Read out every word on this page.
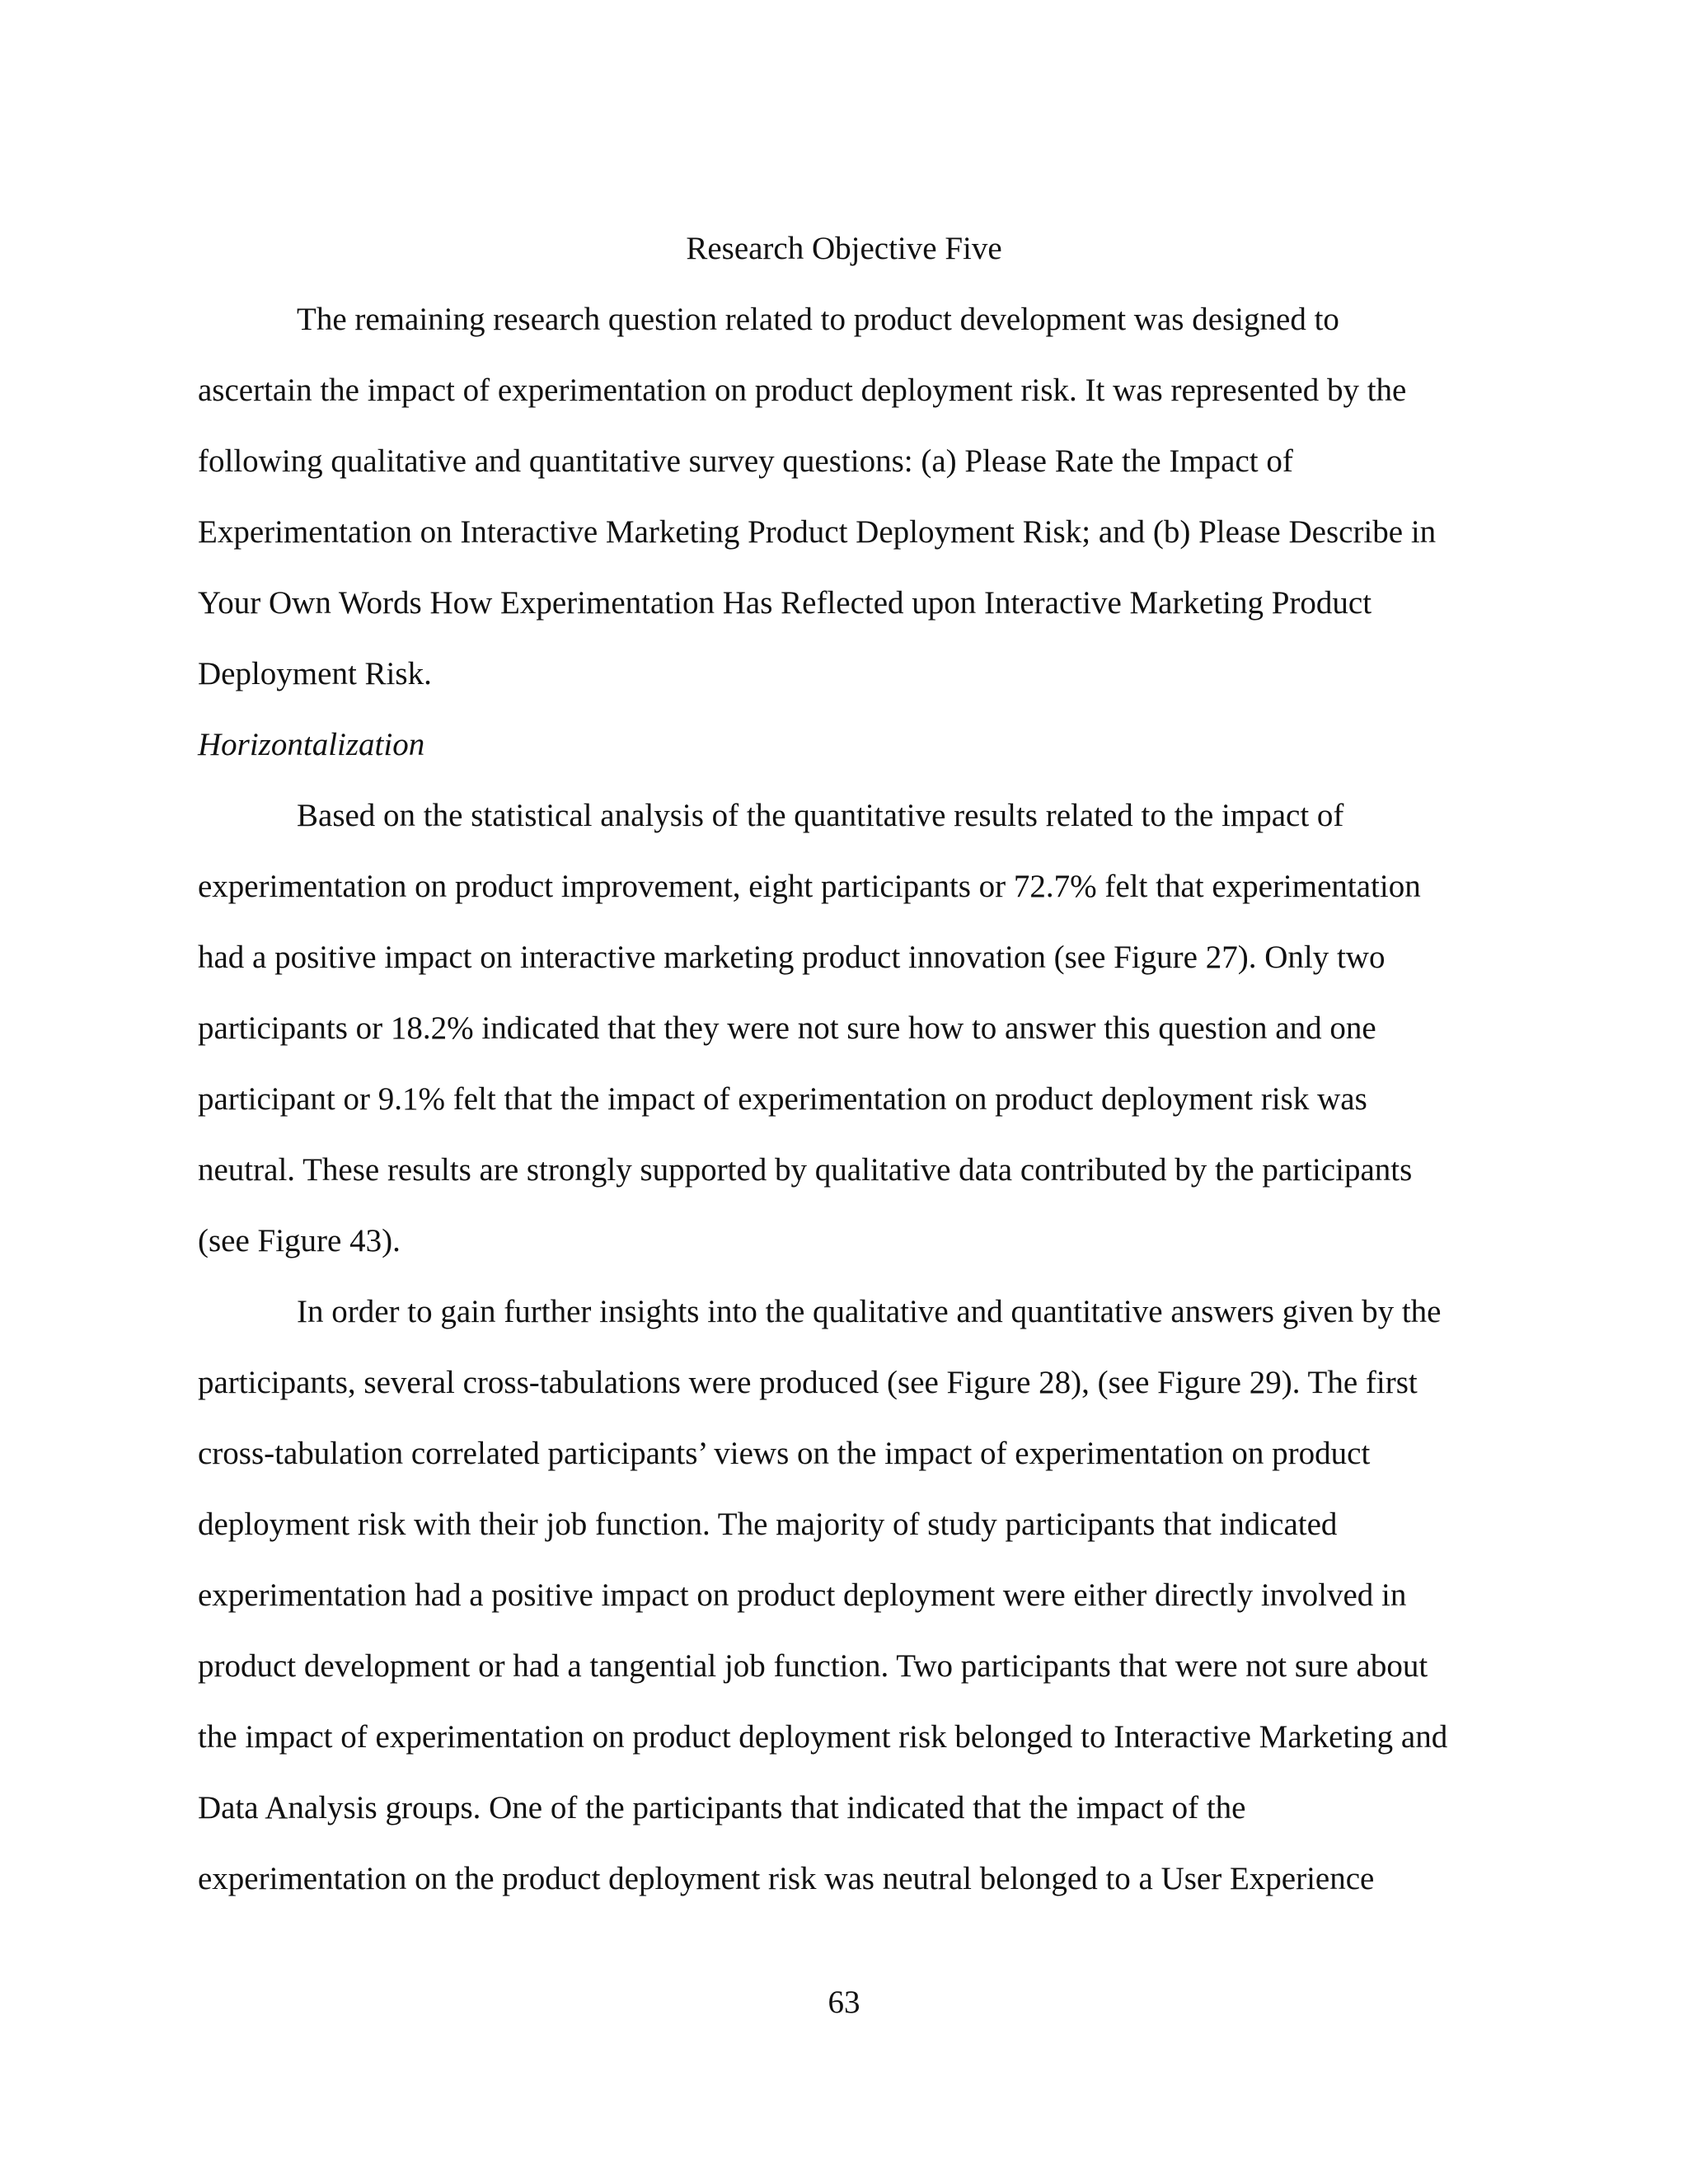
Research Objective Five

The remaining research question related to product development was designed to

ascertain the impact of experimentation on product deployment risk. It was represented by the

following qualitative and quantitative survey questions: (a) Please Rate the Impact of

Experimentation on Interactive Marketing Product Deployment Risk; and (b) Please Describe in

Your Own Words How Experimentation Has Reflected upon Interactive Marketing Product

Deployment Risk.

Horizontalization

Based on the statistical analysis of the quantitative results related to the impact of

experimentation on product improvement, eight participants or 72.7% felt that experimentation

had a positive impact on interactive marketing product innovation (see Figure 27). Only two

participants or 18.2% indicated that they were not sure how to answer this question and one

participant or 9.1% felt that the impact of experimentation on product deployment risk was

neutral. These results are strongly supported by qualitative data contributed by the participants

(see Figure 43).

In order to gain further insights into the qualitative and quantitative answers given by the

participants, several cross-tabulations were produced (see Figure 28), (see Figure 29). The first

cross-tabulation correlated participants’ views on the impact of experimentation on product

deployment risk with their job function. The majority of study participants that indicated

experimentation had a positive impact on product deployment were either directly involved in

product development or had a tangential job function. Two participants that were not sure about

the impact of experimentation on product deployment risk belonged to Interactive Marketing and

Data Analysis groups. One of the participants that indicated that the impact of the

experimentation on the product deployment risk was neutral belonged to a User Experience

63
